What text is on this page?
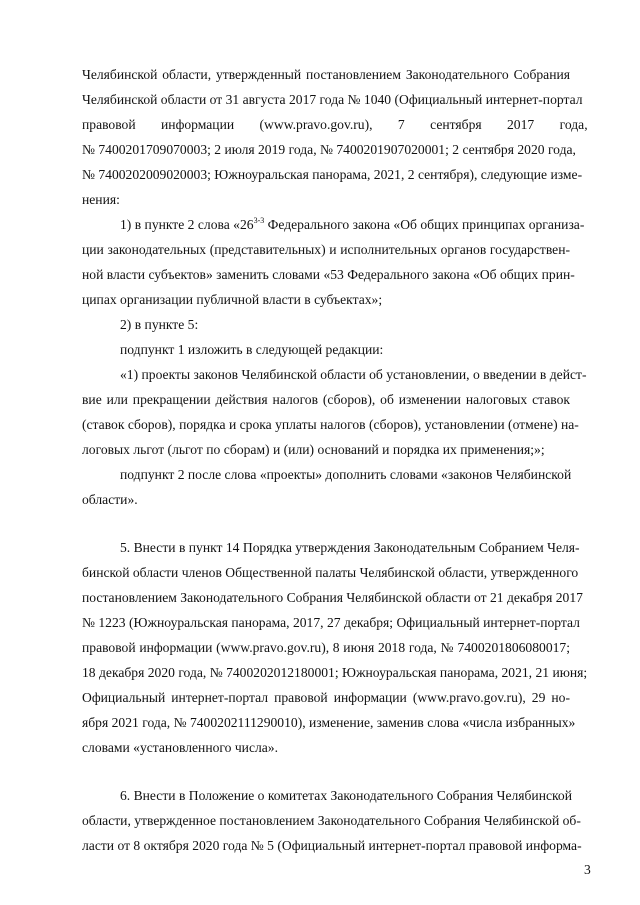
Челябинской области, утвержденный постановлением Законодательного Собрания
Челябинской области от 31 августа 2017 года № 1040 (Официальный интернет-портал
правовой информации (www.pravo.gov.ru), 7 сентября 2017 года,
№ 7400201709070003; 2 июля 2019 года, № 7400201907020001; 2 сентября 2020 года,
№ 7400202009020003; Южноуральская панорама, 2021, 2 сентября), следующие изме-
нения:
1) в пункте 2 слова «26$^{3-3}$ Федерального закона «Об общих принципах организа-
ции законодательных (представительных) и исполнительных органов государствен-
ной власти субъектов» заменить словами «53 Федерального закона «Об общих прин-
ципах организации публичной власти в субъектах»;
2) в пункте 5:
подпункт 1 изложить в следующей редакции:
«1) проекты законов Челябинской области об установлении, о введении в дейст-
вие или прекращении действия налогов (сборов), об изменении налоговых ставок
(ставок сборов), порядка и срока уплаты налогов (сборов), установлении (отмене) на-
логовых льгот (льгот по сборам) и (или) оснований и порядка их применения;»;
подпункт 2 после слова «проекты» дополнить словами «законов Челябинской
области».
5. Внести в пункт 14 Порядка утверждения Законодательным Собранием Челя-
бинской области членов Общественной палаты Челябинской области, утвержденного
постановлением Законодательного Собрания Челябинской области от 21 декабря 2017
№ 1223 (Южноуральская панорама, 2017, 27 декабря; Официальный интернет-портал
правовой информации (www.pravo.gov.ru), 8 июня 2018 года, № 7400201806080017;
18 декабря 2020 года, № 7400202012180001; Южноуральская панорама, 2021, 21 июня;
Официальный интернет-портал правовой информации (www.pravo.gov.ru), 29 но-
ября 2021 года, № 7400202111290010), изменение, заменив слова «числа избранных»
словами «установленного числа».
6. Внести в Положение о комитетах Законодательного Собрания Челябинской
области, утвержденное постановлением Законодательного Собрания Челябинской об-
ласти от 8 октября 2020 года № 5 (Официальный интернет-портал правовой информа-
3
